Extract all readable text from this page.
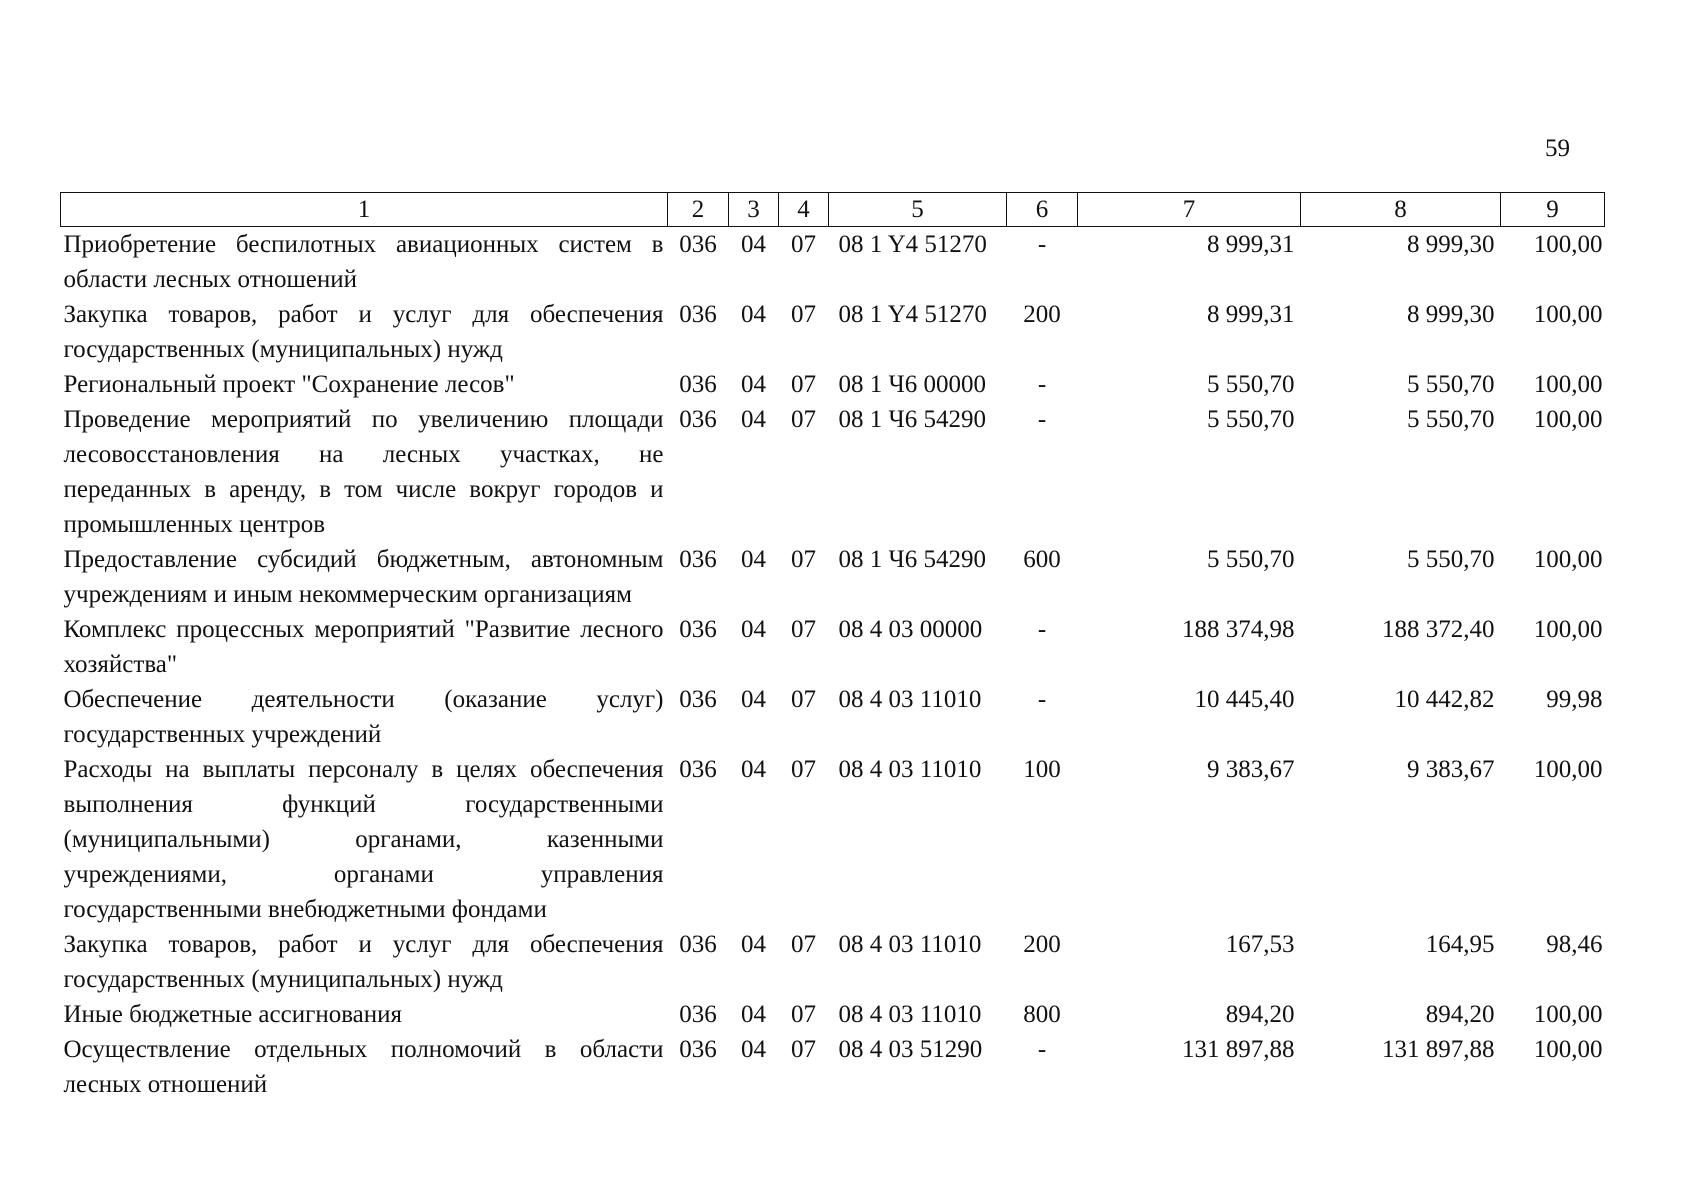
59
1	2	3	4	5	6	7	8	9
Приобретение беспилотных авиационных систем в области лесных отношений	036	04	07	08 1 Y4 51270	-	8 999,31	8 999,30	100,00
Закупка товаров, работ и услуг для обеспечения государственных (муниципальных) нужд	036	04	07	08 1 Y4 51270	200	8 999,31	8 999,30	100,00
Региональный проект "Сохранение лесов"	036	04	07	08 1 Ч6 00000	-	5 550,70	5 550,70	100,00
Проведение мероприятий по увеличению площади лесовосстановления на лесных участках, не переданных в аренду, в том числе вокруг городов и промышленных центров	036	04	07	08 1 Ч6 54290	-	5 550,70	5 550,70	100,00
Предоставление субсидий бюджетным, автономным учреждениям и иным некоммерческим организациям	036	04	07	08 1 Ч6 54290	600	5 550,70	5 550,70	100,00
Комплекс процессных мероприятий "Развитие лесного хозяйства"	036	04	07	08 4 03 00000	-	188 374,98	188 372,40	100,00
Обеспечение деятельности (оказание услуг) государственных учреждений	036	04	07	08 4 03 11010	-	10 445,40	10 442,82	99,98
Расходы на выплаты персоналу в целях обеспечения выполнения функций государственными (муниципальными) органами, казенными учреждениями, органами управления государственными внебюджетными фондами	036	04	07	08 4 03 11010	100	9 383,67	9 383,67	100,00
Закупка товаров, работ и услуг для обеспечения государственных (муниципальных) нужд	036	04	07	08 4 03 11010	200	167,53	164,95	98,46
Иные бюджетные ассигнования	036	04	07	08 4 03 11010	800	894,20	894,20	100,00
Осуществление отдельных полномочий в области лесных отношений	036	04	07	08 4 03 51290	-	131 897,88	131 897,88	100,00
